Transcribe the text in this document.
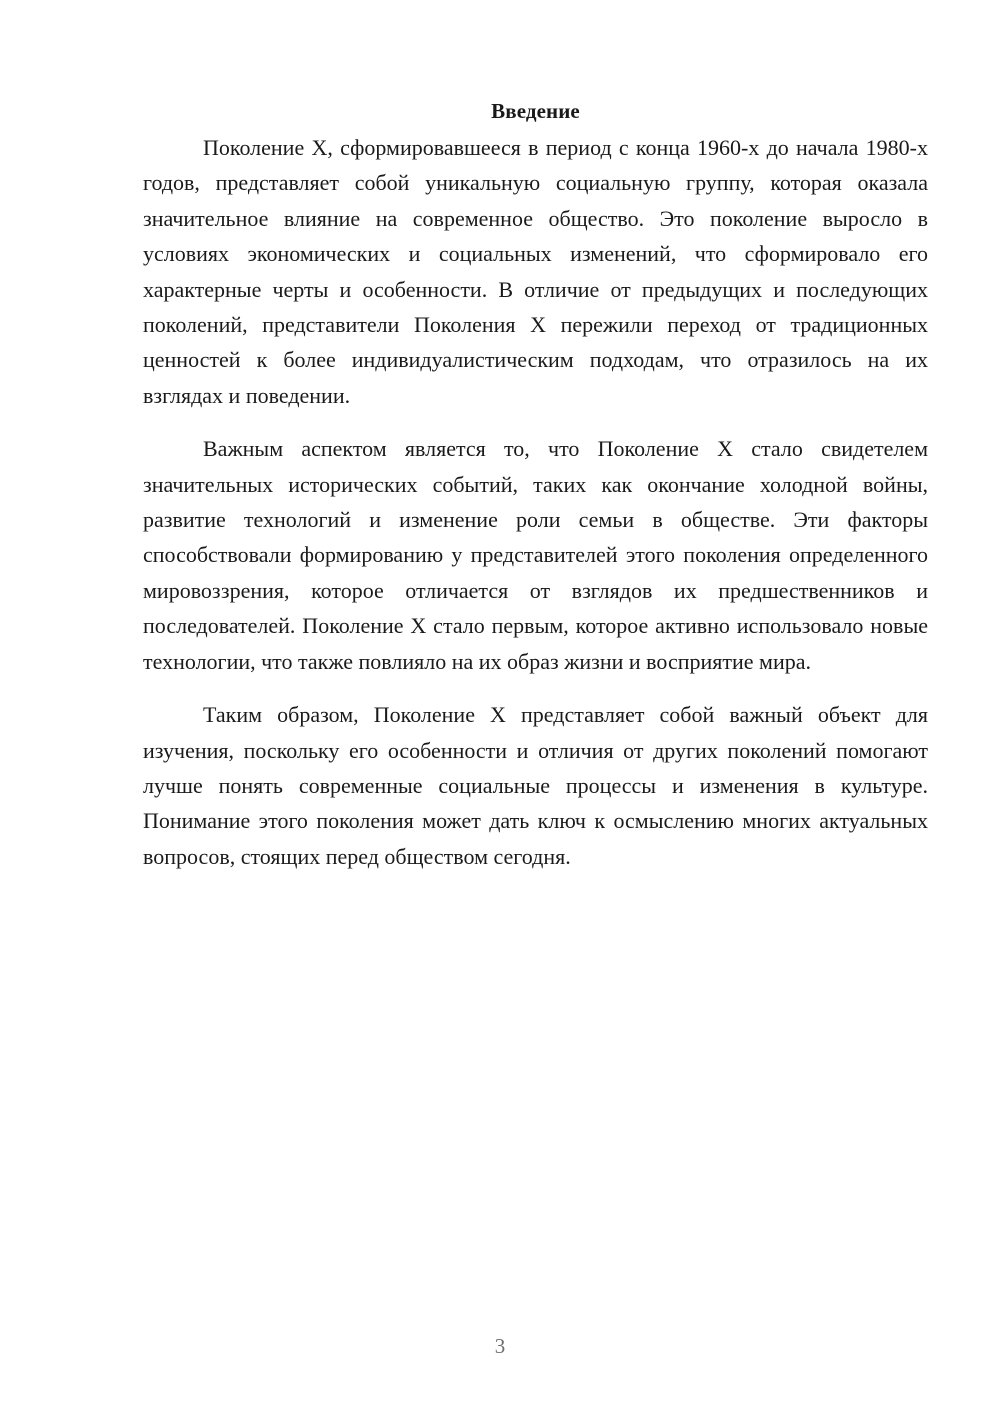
Введение

Поколение X, сформировавшееся в период с конца 1960-х до начала 1980-х годов, представляет собой уникальную социальную группу, которая оказала значительное влияние на современное общество. Это поколение выросло в условиях экономических и социальных изменений, что сформировало его характерные черты и особенности. В отличие от предыдущих и последующих поколений, представители Поколения X пережили переход от традиционных ценностей к более индивидуалистическим подходам, что отразилось на их взглядах и поведении.

Важным аспектом является то, что Поколение X стало свидетелем значительных исторических событий, таких как окончание холодной войны, развитие технологий и изменение роли семьи в обществе. Эти факторы способствовали формированию у представителей этого поколения определенного мировоззрения, которое отличается от взглядов их предшественников и последователей. Поколение X стало первым, которое активно использовало новые технологии, что также повлияло на их образ жизни и восприятие мира.

Таким образом, Поколение X представляет собой важный объект для изучения, поскольку его особенности и отличия от других поколений помогают лучше понять современные социальные процессы и изменения в культуре. Понимание этого поколения может дать ключ к осмыслению многих актуальных вопросов, стоящих перед обществом сегодня.

3
